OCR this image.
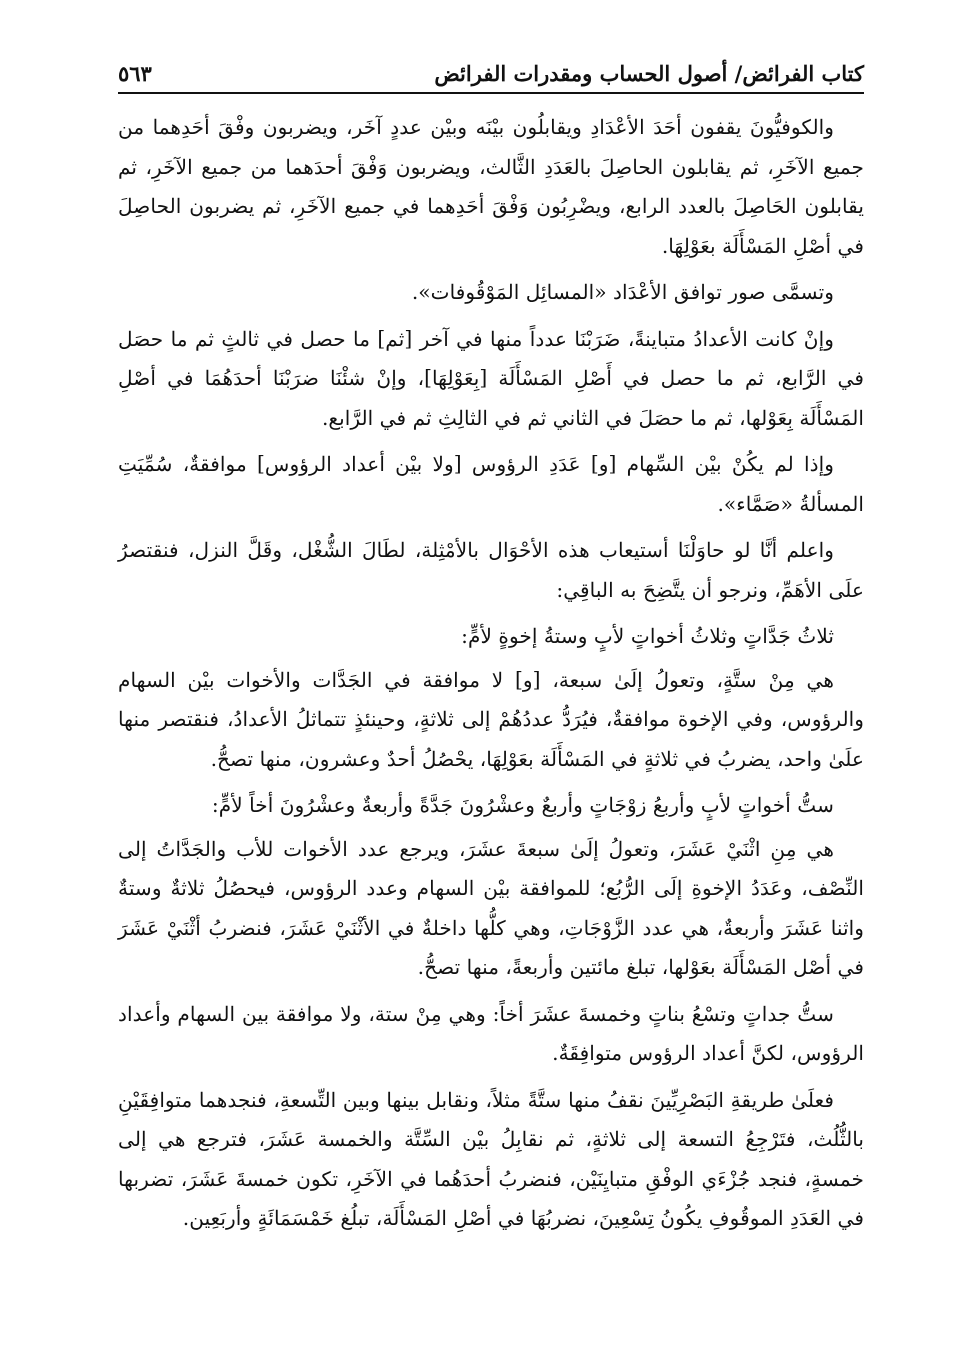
كتاب الفرائض/ أصول الحساب ومقدرات الفرائض
٥٦٣

والكوفيُّونَ يقفون أحَدَ الأعْدَادِ ويقابلُون بيْنَه وبيْن عددٍ آخَر، ويضربون وفْقَ أحَدِهما من جميع الآخَرِ، ثم يقابلون الحاصِلَ بالعَدَدِ الثَّالث، ويضربون وَفْقَ أحدَهما من جميع الآخَرِ، ثم يقابلون الحَاصِلَ بالعدد الرابع، ويضْرِبُون وَفْقَ أحَدِهما في جميع الآخَرِ، ثم يضربون الحاصِلَ في أصْلِ المَسْأَلَة بعَوْلِهَا.

وتسمَّى صور توافق الأعْدَاد «المسائِل المَوْقُوفات».

وإنْ كانت الأعدادُ متباينةً، ضَرَبْنَا عدداً منها في آخر [ثم] ما حصل في ثالثٍ ثم ما حصَل في الرَّابع، ثم ما حصل في أَصْلِ المَسْأَلَة [بِعَوْلِهَا]، وإنْ شئْنَا ضرَبْنَا أحدَهُمَا في أصْلِ المَسْأَلَة بِعَوْلها، ثم ما حصَلَ في الثاني ثم في الثالِثِ ثم في الرَّابع.

وإذا لم يكُنْ بيْن السِّهام [و] عَدَدِ الرؤوس [ولا بيْن أعداد الرؤوس] موافقةٌ، سُمِّيَتِ المسألةُ «صَمَّاء».

واعلم أنَّا لو حاوَلْنَا أستيعاب هذه الأحْوَال بالأمْثِلة، لطَالَ الشُّغْل، وقَلَّ النزل، فنقتصرُ علَى الأهَمِّ، ونرجو أن يتَّضِحَ به الباقِي:

ثلاثُ جَدَّاتٍ وثلاثُ أخواتٍ لأبٍ وستةُ إخوةٍ لأمٍّ:

هي مِنْ ستَّةٍ، وتعولُ إلَىٰ سبعة، [و] لا موافقة في الجَدَّات والأخوات بيْن السهام والرؤوس، وفي الإخوة موافقةٌ، فيُرَدُّ عددُهُمْ إلى ثلاثةٍ، وحينئذٍ تتماثلُ الأعدادُ، فنقتصر منها علَىٰ واحد، يضربُ في ثلاثةٍ في المَسْأَلَة بعَوْلِهَا، يحْصُلُ أحدٌ وعشرون، منها تصحُّ.

ستُّ أخواتٍ لأبٍ وأربعُ زوْجَاتٍ وأربعٌ وعشْرُونَ جَدَّةً وأربعةٌ وعشْرُونَ أخاً لأمٍّ:

هي مِنِ اثْنَيْ عَشَرَ، وتعولُ إلَىٰ سبعةَ عشَرَ، ويرجع عدد الأخوات للأب والجَدَّاتُ إلى النِّصْف، وعَدَدُ الإخوةِ إلَى الرُّبُع؛ للموافقة بيْن السهام وعدد الرؤوس، فيحصُلُ ثلاثةٌ وستةٌ واثنا عَشَرَ وأربعةٌ، هي عدد الزَّوْجَاتِ، وهي كلُّها داخلةٌ في الأثْنَيْ عَشَرَ، فنضربُ أثْنَيْ عَشَرَ في أصْل المَسْأَلَة بعَوْلها، تبلغ مائتين وأربعةً، منها تصحُّ.

ستُّ جداتٍ وتسْعُ بناتٍ وخمسةَ عشَرَ أخاً: وهي مِنْ ستة، ولا موافقة بين السهام وأعداد الرؤوس، لكنَّ أعداد الرؤوس متوافِقَةٌ.

فعلَىٰ طريقةِ البَصْرِيِّينَ نقفُ منها ستَّةً مثلاً، ونقابل بينها وبين التِّسعةِ، فنجدهما متوافِقَيْنِ بالثُّلُث، فتَرْجِعُ التسعة إلى ثلاثةٍ، ثم نقابِلُ بيْن السِّتَّة والخمسة عَشَرَ، فترجع هي إلى خمسةٍ، فنجد جُزْءَي الوفْقِ متبايِنَيْن، فنضربُ أحدَهُما في الآخَرِ، تكون خمسةَ عَشَرَ، تضربها في العَدَدِ الموقُوفِ يكُونُ تِسْعِينَ، نضربُهَا في أصْلِ المَسْأَلَة، تبلُغ خَمْسَمَائَةٍ وأربَعِين.
